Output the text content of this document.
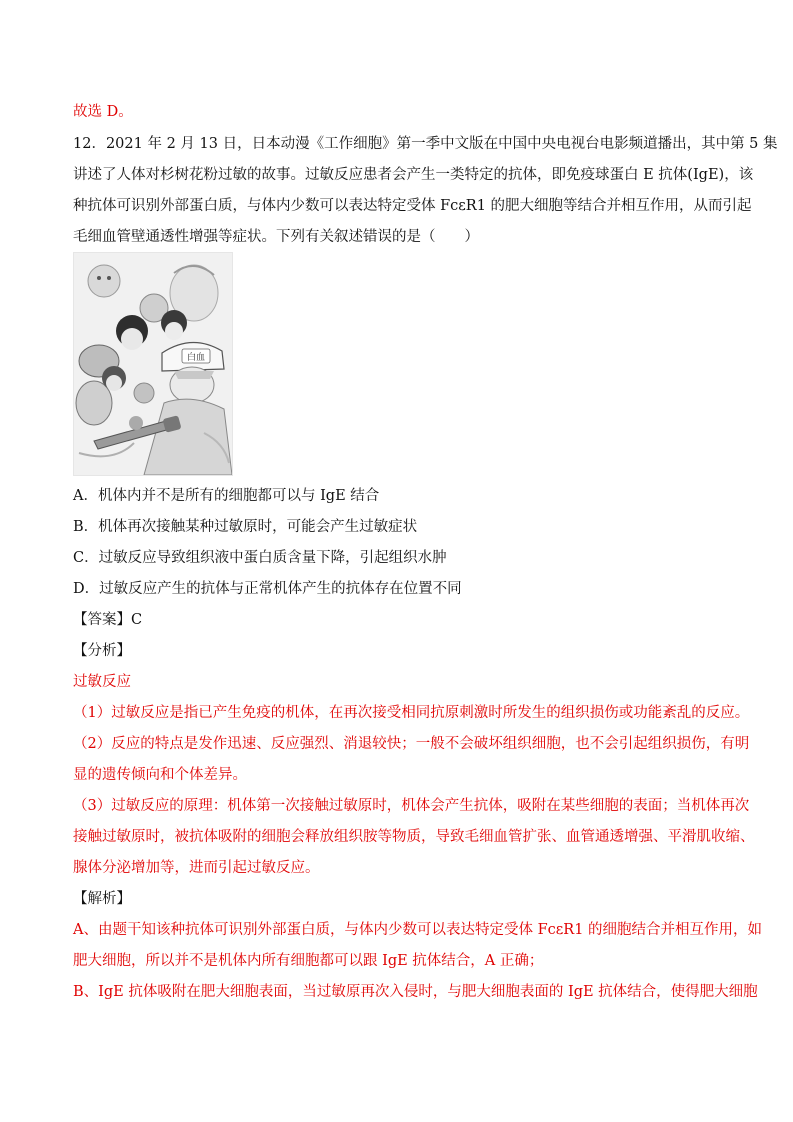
故选 D。
12．2021 年 2 月 13 日，日本动漫《工作细胞》第一季中文版在中国中央电视台电影频道播出，其中第 5 集
讲述了人体对杉树花粉过敏的故事。过敏反应患者会产生一类特定的抗体，即免疫球蛋白 E 抗体(IgE)，该
种抗体可识别外部蛋白质，与体内少数可以表达特定受体 FcεR1 的肥大细胞等结合并相互作用，从而引起
毛细血管壁通透性增强等症状。下列有关叙述错误的是（　　）
白血
A．机体内并不是所有的细胞都可以与 IgE 结合
B．机体再次接触某种过敏原时，可能会产生过敏症状
C．过敏反应导致组织液中蛋白质含量下降，引起组织水肿
D．过敏反应产生的抗体与正常机体产生的抗体存在位置不同
【答案】C
【分析】
过敏反应
（1）过敏反应是指已产生免疫的机体，在再次接受相同抗原刺激时所发生的组织损伤或功能紊乱的反应。
（2）反应的特点是发作迅速、反应强烈、消退较快；一般不会破坏组织细胞，也不会引起组织损伤，有明
显的遗传倾向和个体差异。
（3）过敏反应的原理：机体第一次接触过敏原时，机体会产生抗体，吸附在某些细胞的表面；当机体再次
接触过敏原时，被抗体吸附的细胞会释放组织胺等物质，导致毛细血管扩张、血管通透增强、平滑肌收缩、
腺体分泌增加等，进而引起过敏反应。
【解析】
A、由题干知该种抗体可识别外部蛋白质，与体内少数可以表达特定受体 FcεR1 的细胞结合并相互作用，如
肥大细胞，所以并不是机体内所有细胞都可以跟 IgE 抗体结合，A 正确；
B、IgE 抗体吸附在肥大细胞表面，当过敏原再次入侵时，与肥大细胞表面的 IgE 抗体结合，使得肥大细胞
